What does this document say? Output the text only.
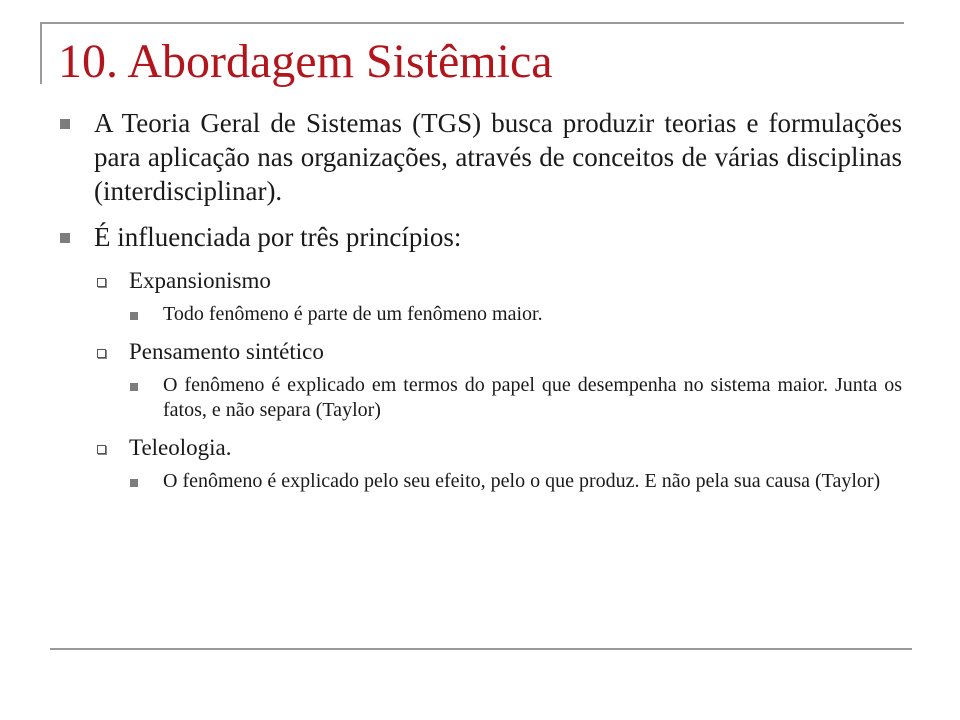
10. Abordagem Sistêmica
A Teoria Geral de Sistemas (TGS) busca produzir teorias e formulações para aplicação nas organizações, através de conceitos de várias disciplinas (interdisciplinar).
É influenciada por três princípios:
Expansionismo
Todo fenômeno é parte de um fenômeno maior.
Pensamento sintético
O fenômeno é explicado em termos do papel que desempenha no sistema maior. Junta os fatos, e não separa (Taylor)
Teleologia.
O fenômeno é explicado pelo seu efeito, pelo o que produz. E não pela sua causa (Taylor)
